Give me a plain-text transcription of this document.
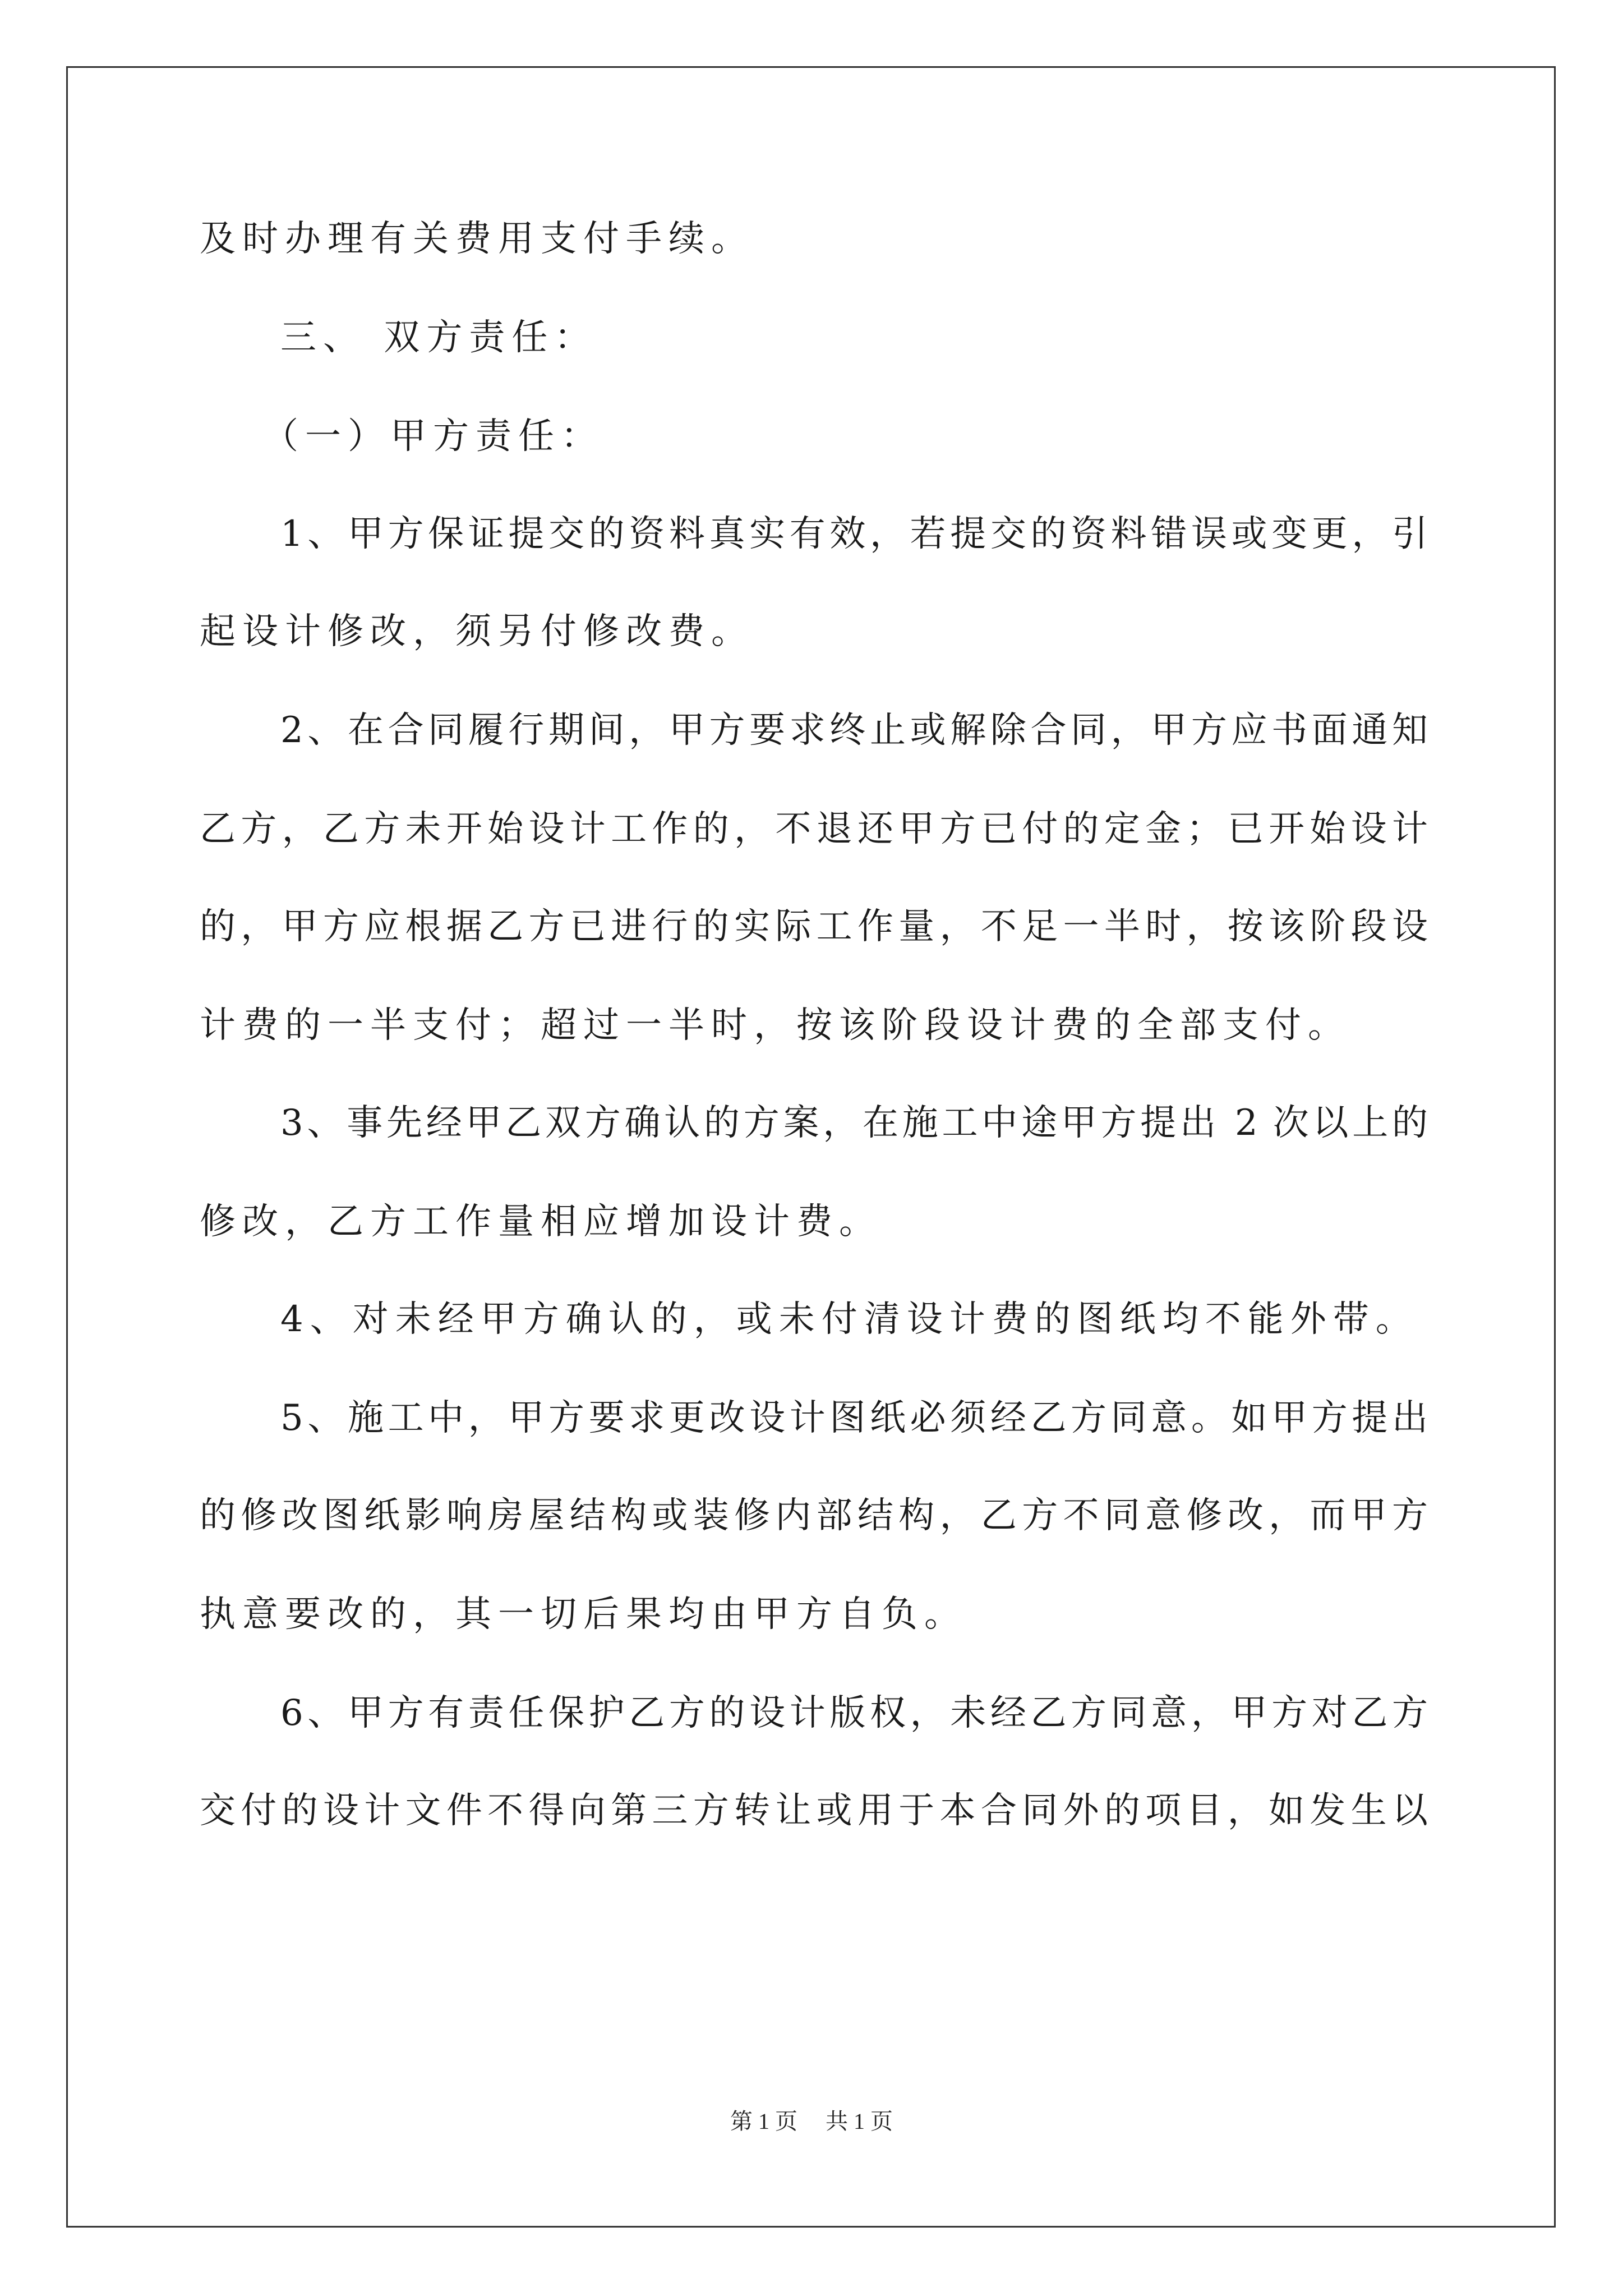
及时办理有关费用支付手续。
三、 双方责任：
（一）甲方责任：
1、甲方保证提交的资料真实有效，若提交的资料错误或变更，引
起设计修改，须另付修改费。
2、在合同履行期间，甲方要求终止或解除合同，甲方应书面通知
乙方，乙方未开始设计工作的，不退还甲方已付的定金；已开始设计
的，甲方应根据乙方已进行的实际工作量，不足一半时，按该阶段设
计费的一半支付；超过一半时，按该阶段设计费的全部支付。
3、事先经甲乙双方确认的方案，在施工中途甲方提出 2 次以上的
修改，乙方工作量相应增加设计费。
4、对未经甲方确认的，或未付清设计费的图纸均不能外带。
5、施工中，甲方要求更改设计图纸必须经乙方同意。如甲方提出
的修改图纸影响房屋结构或装修内部结构，乙方不同意修改，而甲方
执意要改的，其一切后果均由甲方自负。
6、甲方有责任保护乙方的设计版权，未经乙方同意，甲方对乙方
交付的设计文件不得向第三方转让或用于本合同外的项目，如发生以
第 1 页　 共 1 页
